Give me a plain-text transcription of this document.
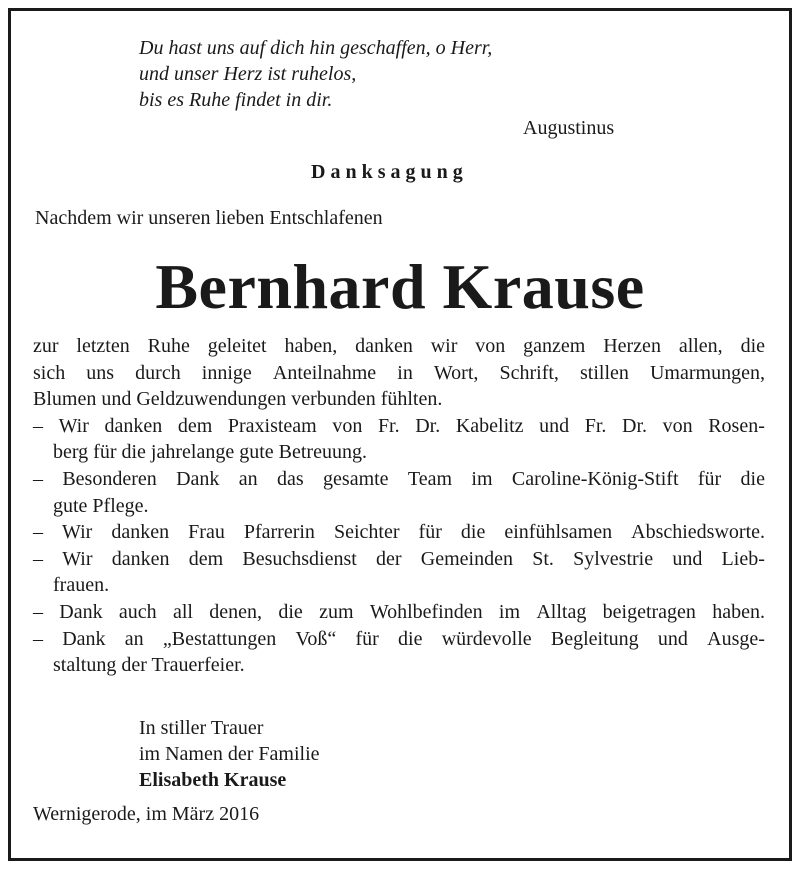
Du hast uns auf dich hin geschaffen, o Herr,
und unser Herz ist ruhelos,
bis es Ruhe findet in dir.
Augustinus
Danksagung
Nachdem wir unseren lieben Entschlafenen
Bernhard Krause
zur letzten Ruhe geleitet haben, danken wir von ganzem Herzen allen, die
sich uns durch innige Anteilnahme in Wort, Schrift, stillen Umarmungen,
Blumen und Geldzuwendungen verbunden fühlten.
– Wir danken dem Praxisteam von Fr. Dr. Kabelitz und Fr. Dr. von Rosen-
berg für die jahrelange gute Betreuung.
– Besonderen Dank an das gesamte Team im Caroline-König-Stift für die
gute Pflege.
– Wir danken Frau Pfarrerin Seichter für die einfühlsamen Abschiedsworte.
– Wir danken dem Besuchsdienst der Gemeinden St. Sylvestrie und Lieb-
frauen.
– Dank auch all denen, die zum Wohlbefinden im Alltag beigetragen haben.
– Dank an „Bestattungen Voß“ für die würdevolle Begleitung und Ausge-
staltung der Trauerfeier.
In stiller Trauer
im Namen der Familie
Elisabeth Krause
Wernigerode, im März 2016
